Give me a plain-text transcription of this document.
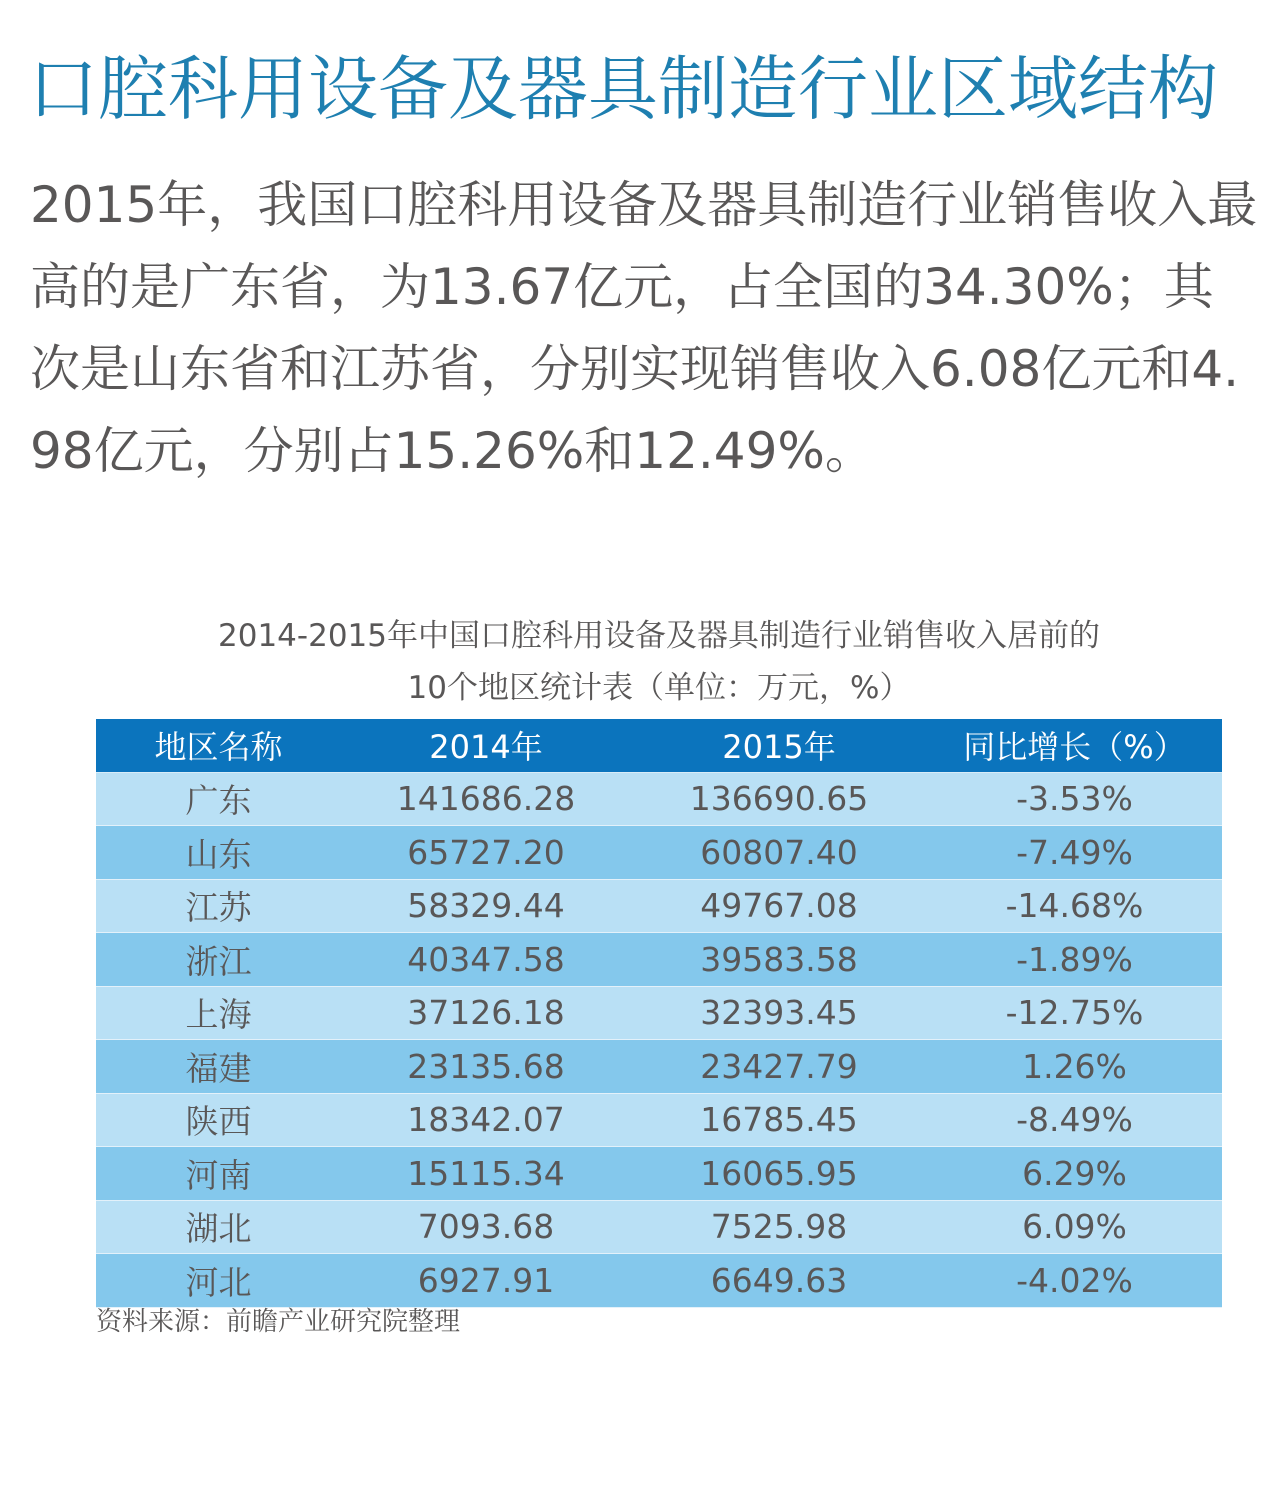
口腔科用设备及器具制造行业区域结构

2015年，我国口腔科用设备及器具制造行业销售收入最高的是广东省，为13.67亿元，占全国的34.30%；其次是山东省和江苏省，分别实现销售收入6.08亿元和4.98亿元，分别占15.26%和12.49%。

2014-2015年中国口腔科用设备及器具制造行业销售收入居前的
10个地区统计表（单位：万元，%）
地区名称	2014年	2015年	同比增长（%）
广东	141686.28	136690.65	-3.53%
山东	65727.20	60807.40	-7.49%
江苏	58329.44	49767.08	-14.68%
浙江	40347.58	39583.58	-1.89%
上海	37126.18	32393.45	-12.75%
福建	23135.68	23427.79	1.26%
陕西	18342.07	16785.45	-8.49%
河南	15115.34	16065.95	6.29%
湖北	7093.68	7525.98	6.09%
河北	6927.91	6649.63	-4.02%
资料来源：前瞻产业研究院整理
